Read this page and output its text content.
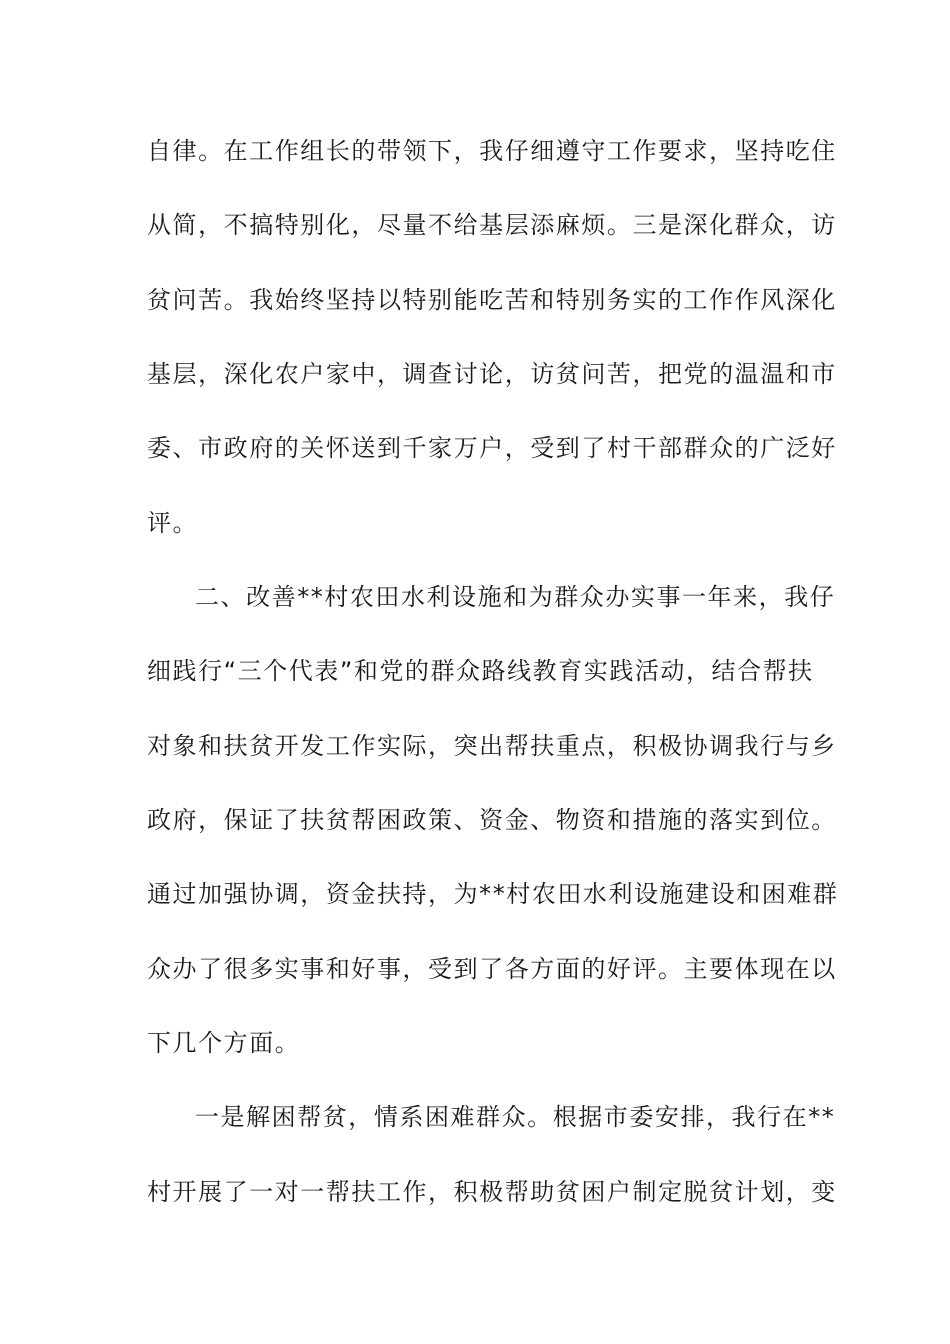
自律。在工作组长的带领下，我仔细遵守工作要求，坚持吃住
从简，不搞特别化，尽量不给基层添麻烦。三是深化群众，访
贫问苦。我始终坚持以特别能吃苦和特别务实的工作作风深化
基层，深化农户家中，调查讨论，访贫问苦，把党的温温和市
委、市政府的关怀送到千家万户，受到了村干部群众的广泛好
评。
二、改善**村农田水利设施和为群众办实事一年来，我仔
细践行“三个代表”和党的群众路线教育实践活动，结合帮扶
对象和扶贫开发工作实际，突出帮扶重点，积极协调我行与乡
政府，保证了扶贫帮困政策、资金、物资和措施的落实到位。
通过加强协调，资金扶持，为**村农田水利设施建设和困难群
众办了很多实事和好事，受到了各方面的好评。主要体现在以
下几个方面。
一是解困帮贫，情系困难群众。根据市委安排，我行在**
村开展了一对一帮扶工作，积极帮助贫困户制定脱贫计划，变
